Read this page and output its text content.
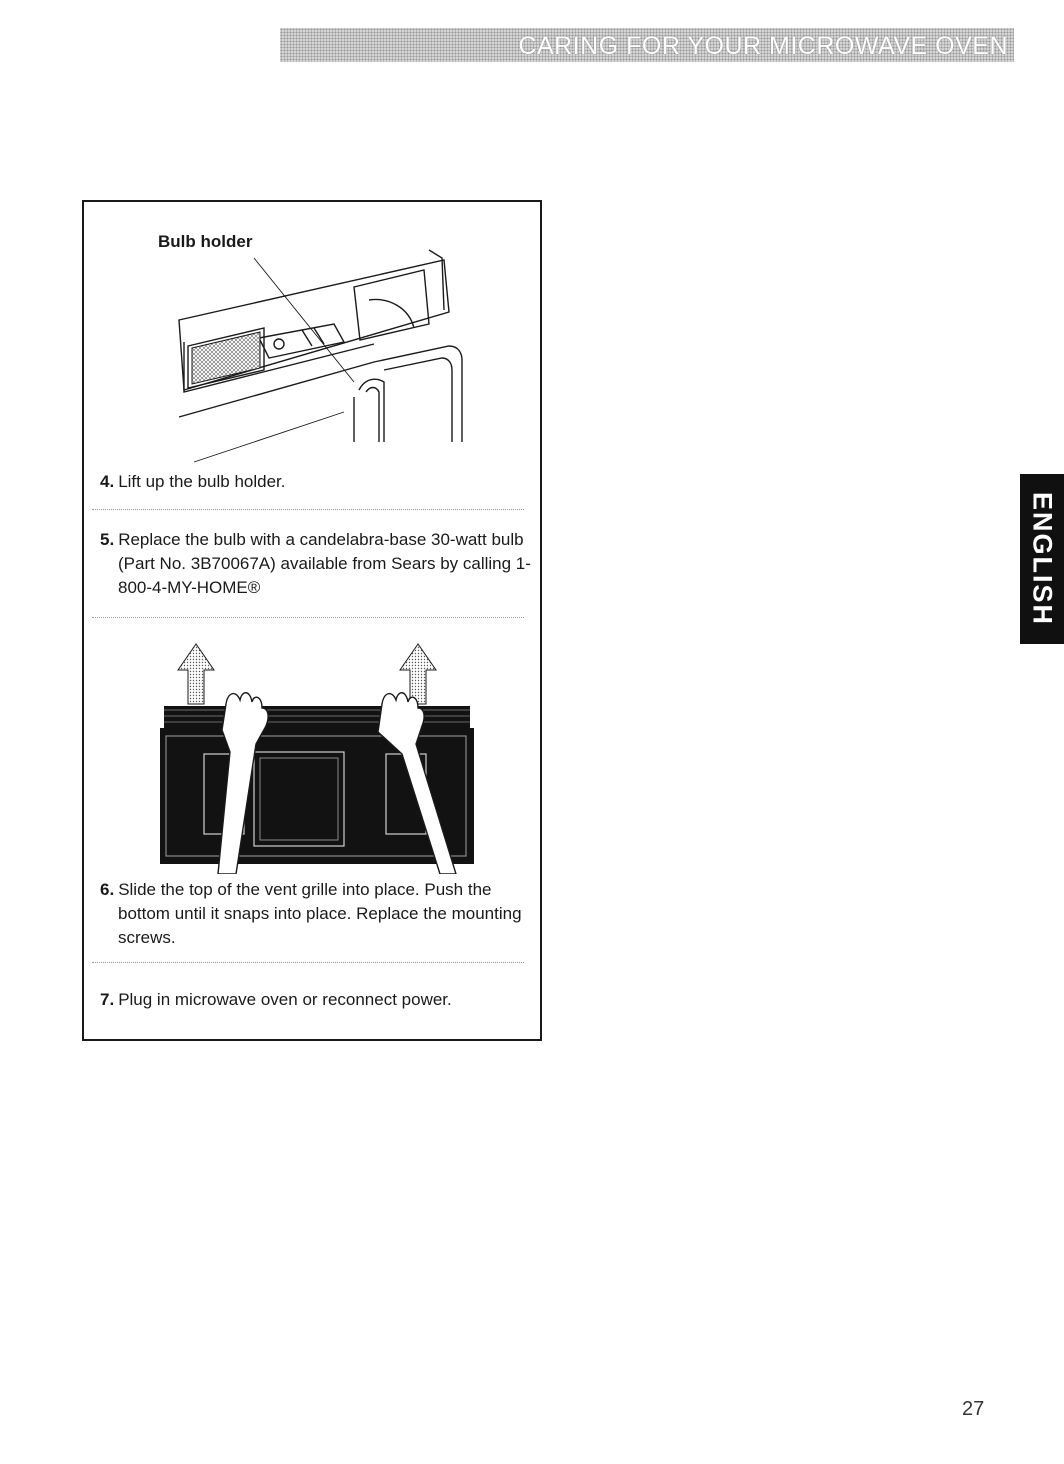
CARING FOR YOUR MICROWAVE OVEN
ENGLISH
Bulb holder
4. Lift up the bulb holder.
5. Replace the bulb with a candelabra-base 30-watt bulb (Part No. 3B70067A) available from Sears by calling 1-800-4-MY-HOME®
6. Slide the top of the vent grille into place. Push the bottom until it snaps into place. Replace the mounting screws.
7. Plug in microwave oven or reconnect power.
27
